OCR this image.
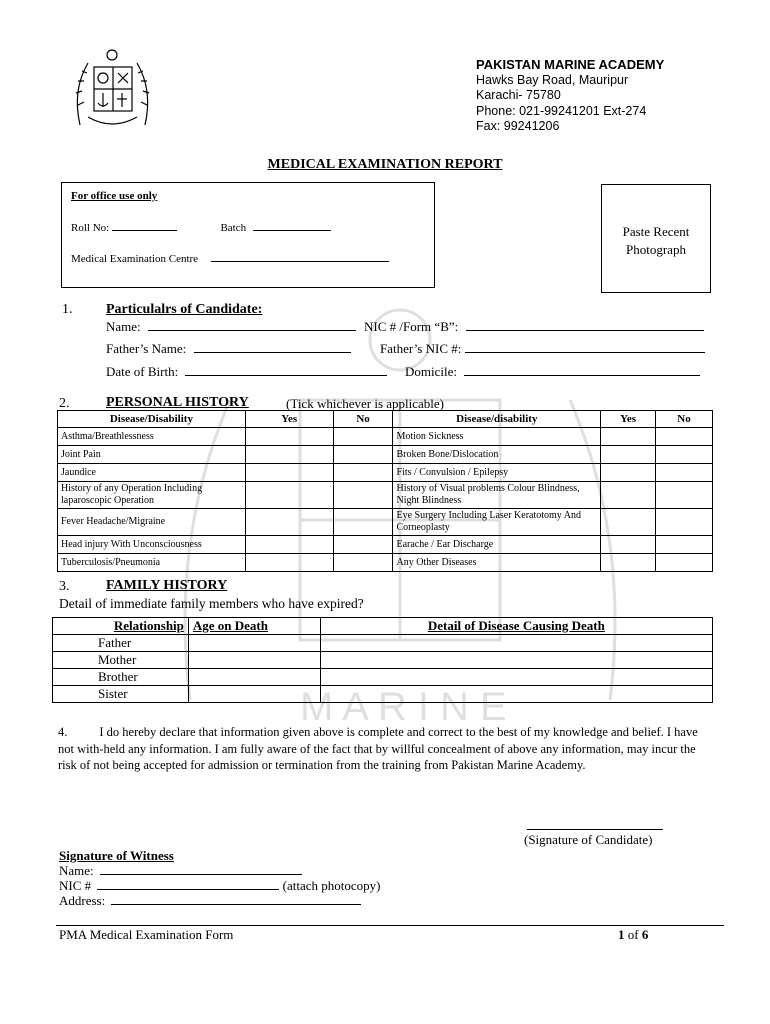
M A R I N E
PAKISTAN MARINE ACADEMY
Hawks Bay Road, Mauripur
Karachi- 75780
Phone: 021-99241201 Ext-274
Fax: 99241206
MEDICAL EXAMINATION REPORT
For office use only
Roll No:	Batch
Medical Examination Centre
Paste Recent
Photograph
1. Particulalrs of Candidate:
Name:	NIC # /Form “B”:
Father’s Name:	Father’s NIC #:
Date of Birth:	Domicile:
2.	PERSONAL HISTORY	(Tick whichever is applicable)
Disease/Disability	Yes	No	Disease/disability	Yes	No
Asthma/Breathlessness			Motion Sickness		
Joint Pain			Broken Bone/Dislocation		
Jaundice			Fits / Convulsion / Epilepsy		
History of any Operation Including laparoscopic Operation			History of Visual problems Colour Blindness, Night Blindness		
Fever Headache/Migraine			Eye Surgery Including Laser Keratotomy And Corneoplasty		
Head injury With Unconsciousness			Earache / Ear Discharge		
Tuberculosis/Pneumonia			Any Other Diseases		
3.	FAMILY HISTORY
Detail of immediate family members who have expired?
Relationship	Age on Death	Detail of Disease Causing Death
Father		
Mother		
Brother		
Sister		
4.	I do hereby declare that information given above is complete and correct to the best of my knowledge and belief. I have not with-held any information. I am fully aware of the fact that by willful concealment of above any information, may incur the risk of not being accepted for admission or termination from the training from Pakistan Marine Academy.
(Signature of Candidate)
Signature of Witness
Name:
NIC #	(attach photocopy)
Address:
PMA Medical Examination Form	1 of 6
